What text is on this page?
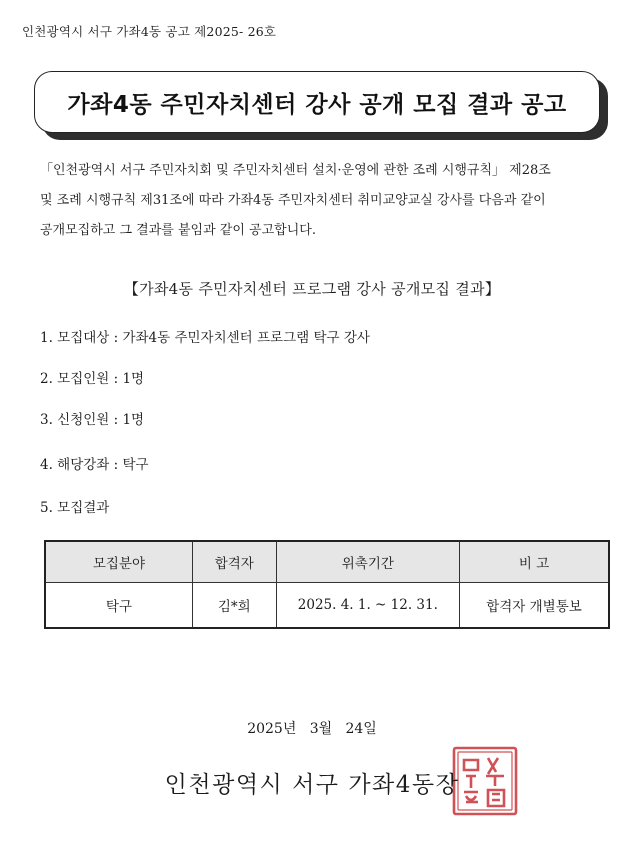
인천광역시 서구 가좌4동 공고 제2025- 26호
가좌4동 주민자치센터 강사 공개 모집 결과 공고
「인천광역시 서구 주민자치회 및 주민자치센터 설치·운영에 관한 조례 시행규칙」 제28조
및 조례 시행규칙 제31조에 따라 가좌4동 주민자치센터 취미교양교실 강사를 다음과 같이
공개모집하고 그 결과를 붙임과 같이 공고합니다.
【가좌4동 주민자치센터 프로그램 강사 공개모집 결과】
1. 모집대상 : 가좌4동 주민자치센터 프로그램 탁구 강사
2. 모집인원 : 1명
3. 신청인원 : 1명
4. 해당강좌 : 탁구
5. 모집결과
모집분야	합격자	위촉기간	비 고
탁구	김*희	2025. 4. 1. ~ 12. 31.	합격자 개별통보
2025년   3월   24일
인천광역시 서구 가좌4동장
